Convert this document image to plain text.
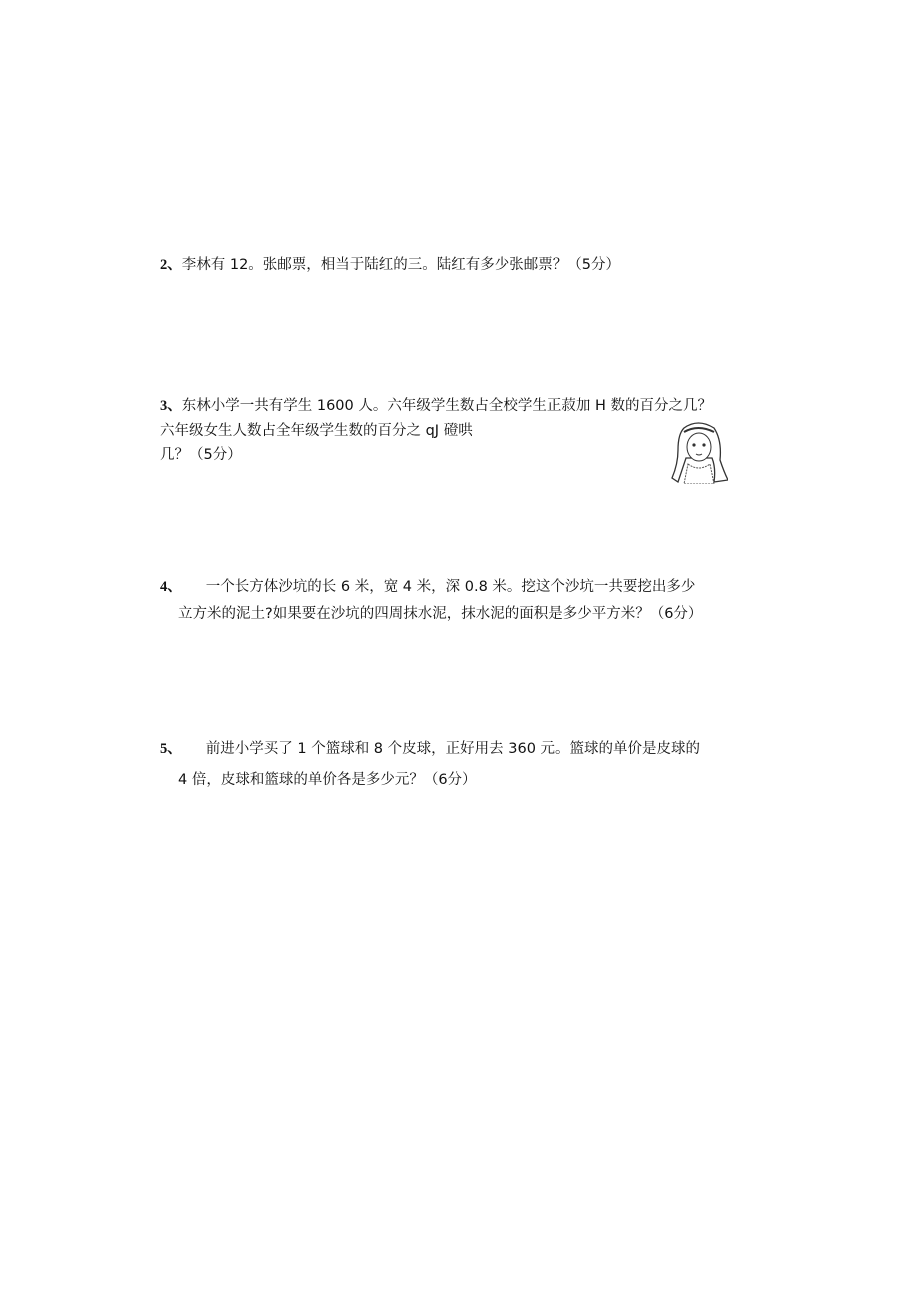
2、李林有 12。张邮票，相当于陆红的三。陆红有多少张邮票？（5分）
3、东林小学一共有学生 1600 人。六年级学生数占全校学生正菽加 H 数的百分之几？
六年级女生人数占全年级学生数的百分之 qJ 磴哄
几？（5分）
4、 一个长方体沙坑的长 6 米，宽 4 米，深 0.8 米。挖这个沙坑一共要挖出多少
立方米的泥土?如果要在沙坑的四周抹水泥，抹水泥的面积是多少平方米？（6分）
5、 前进小学买了 1 个篮球和 8 个皮球，正好用去 360 元。篮球的单价是皮球的
4 倍，皮球和篮球的单价各是多少元？（6分）
